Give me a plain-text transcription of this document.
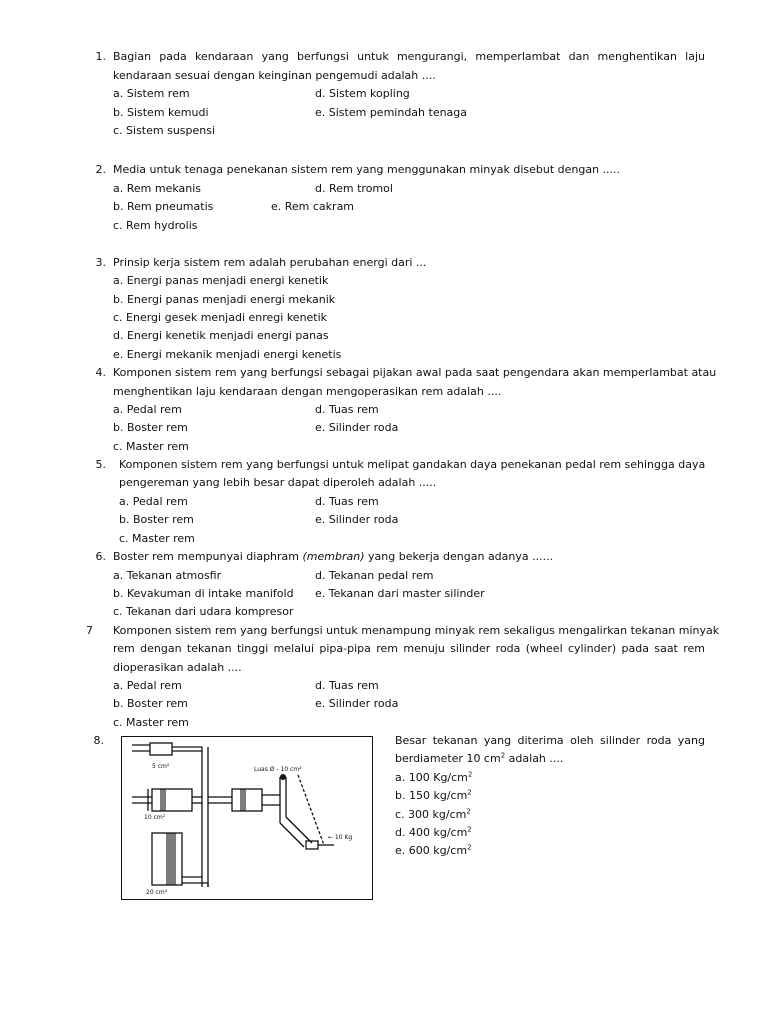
1. Bagian pada kendaraan yang berfungsi untuk mengurangi, memperlambat dan menghentikan laju
kendaraan sesuai dengan keinginan pengemudi adalah ....
a. Sistem rem	d. Sistem kopling
b. Sistem kemudi	e. Sistem pemindah tenaga
c. Sistem suspensi
2. Media untuk tenaga penekanan sistem rem yang menggunakan minyak disebut dengan .....
a. Rem mekanis	d. Rem tromol
b. Rem pneumatis	e. Rem cakram
c. Rem hydrolis
3. Prinsip kerja sistem rem adalah perubahan energi dari ...
a. Energi panas menjadi energi kenetik
b. Energi panas menjadi energi mekanik
c. Energi gesek menjadi enregi kenetik
d. Energi kenetik menjadi energi panas
e. Energi mekanik menjadi energi kenetis
4. Komponen sistem rem yang berfungsi sebagai pijakan awal pada saat pengendara akan memperlambat atau
menghentikan laju kendaraan dengan mengoperasikan rem adalah ....
a. Pedal rem	d. Tuas rem
b. Boster rem	e. Silinder roda
c. Master rem
5. Komponen sistem rem yang berfungsi untuk melipat gandakan daya penekanan pedal rem sehingga daya
pengereman yang lebih besar dapat diperoleh adalah .....
a. Pedal rem	d. Tuas rem
b. Boster rem	e. Silinder roda
c. Master rem
6. Boster rem mempunyai diaphram (membran) yang bekerja dengan adanya ......
a. Tekanan atmosfir	d. Tekanan pedal rem
b. Kevakuman di intake manifold e. Tekanan dari master silinder
c. Tekanan dari udara kompresor
7	Komponen sistem rem yang berfungsi untuk menampung minyak rem sekaligus mengalirkan tekanan minyak
rem dengan tekanan tinggi melalui pipa-pipa rem menuju silinder roda (wheel cylinder) pada saat rem
dioperasikan adalah ....
a. Pedal rem	d. Tuas rem
b. Boster rem	e. Silinder roda
c. Master rem
8.
5 cm²
10 cm²
20 cm²
Luas Ø - 10 cm²
← 10 Kg
Besar tekanan yang diterima oleh silinder roda yang
berdiameter 10 $cm^2$ adalah ....
a. 100 $Kg/cm^2$
b. 150 $kg/cm^2$
c. 300 $kg/cm^2$
d. 400 $kg/cm^2$
e. 600 $kg/cm^2$
